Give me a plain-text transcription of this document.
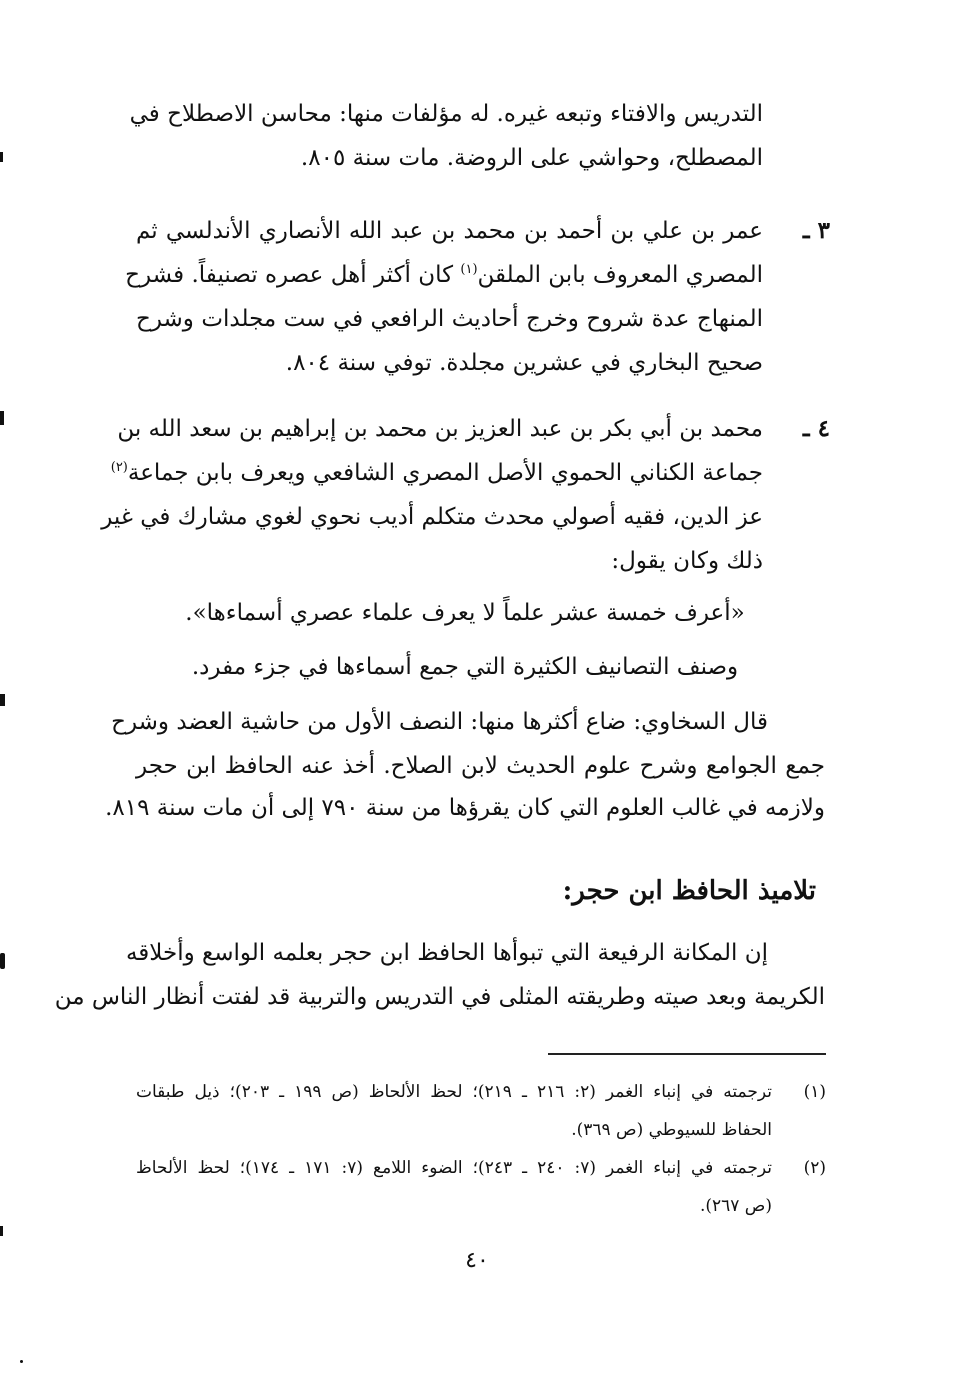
التدريس والافتاء وتبعه غيره. له مؤلفات منها: محاسن الاصطلاح في
المصطلح، وحواشي على الروضة. مات سنة ٨٠٥.
٣ ـ
عمر بن علي بن أحمد بن محمد بن عبد الله الأنصاري الأندلسي ثم
المصري المعروف بابن الملقن$^{(١)}$ كان أكثر أهل عصره تصنيفاً. فشرح
المنهاج عدة شروح وخرج أحاديث الرافعي في ست مجلدات وشرح
صحيح البخاري في عشرين مجلدة. توفي سنة ٨٠٤.
٤ ـ
محمد بن أبي بكر بن عبد العزيز بن محمد بن إبراهيم بن سعد الله بن
جماعة الكناني الحموي الأصل المصري الشافعي ويعرف بابن جماعة$^{(٢)}$
عز الدين، فقيه أصولي محدث متكلم أديب نحوي لغوي مشارك في غير
ذلك وكان يقول:
«أعرف خمسة عشر علماً لا يعرف علماء عصري أسماءها».
وصنف التصانيف الكثيرة التي جمع أسماءها في جزء مفرد.
قال السخاوي: ضاع أكثرها منها: النصف الأول من حاشية العضد وشرح
جمع الجوامع وشرح علوم الحديث لابن الصلاح. أخذ عنه الحافظ ابن حجر
ولازمه في غالب العلوم التي كان يقرؤها من سنة ٧٩٠ إلى أن مات سنة ٨١٩.
تلاميذ الحافظ ابن حجر:
إن المكانة الرفيعة التي تبوأها الحافظ ابن حجر بعلمه الواسع وأخلاقه
الكريمة وبعد صيته وطريقته المثلى في التدريس والتربية قد لفتت أنظار الناس من
(١)
ترجمته في إنباء الغمر (٢: ٢١٦ ـ ٢١٩)؛ لحظ الألحاظ (ص ١٩٩ ـ ٢٠٣)؛ ذيل طبقات
الحفاظ للسيوطي (ص ٣٦٩).
(٢)
ترجمته في إنباء الغمر (٧: ٢٤٠ ـ ٢٤٣)؛ الضوء اللامع (٧: ١٧١ ـ ١٧٤)؛ لحظ الألحاظ
(ص ٢٦٧).
٤٠
